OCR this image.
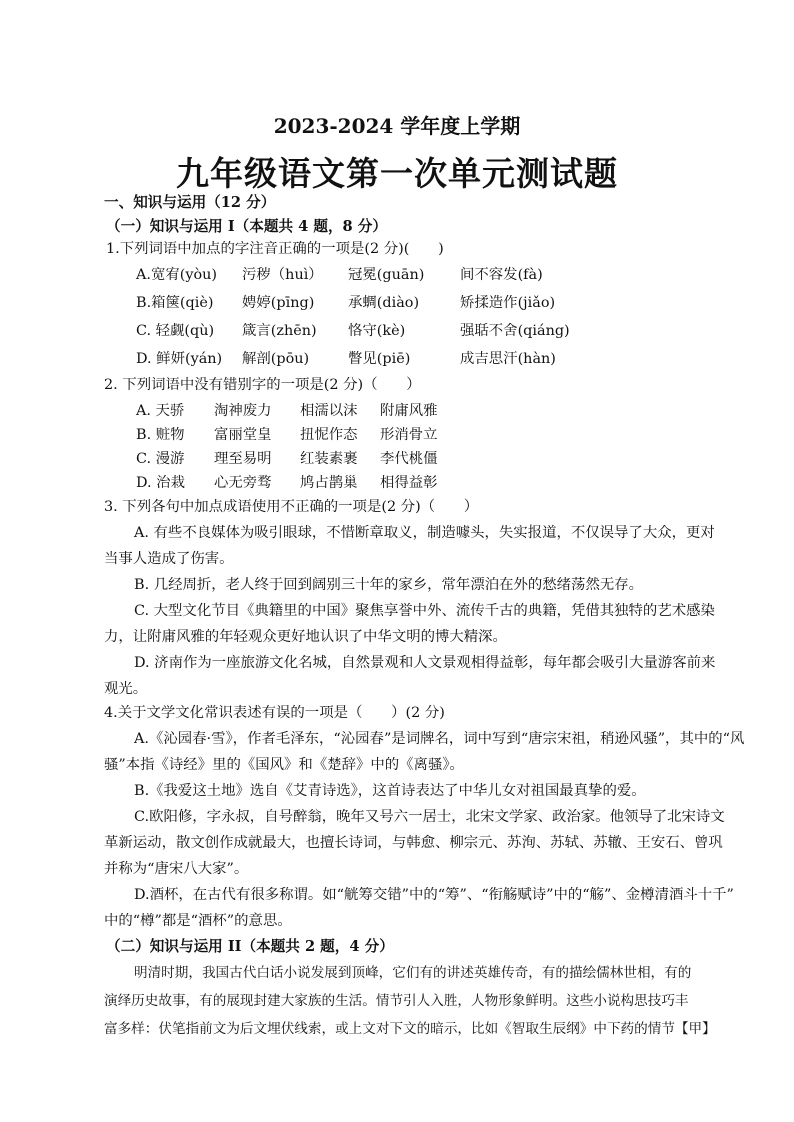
2023-2024 学年度上学期
九年级语文第一次单元测试题
一、知识与运用（12 分）
（一）知识与运用 I（本题共 4 题，8 分）
1.下列词语中加点的字注音正确的一项是(2 分)(　　)
A.宽宥(yòu) 污秽（huì） 冠冕(guān) 间不容发(fà)
B.箱箧(qiè) 娉婷(pīng) 承蜩(diào)	矫揉造作(jiǎo)
C. 轻觑(qù) 箴言(zhēn) 恪守(kè)	强聒不舍(qiáng)
D. 鲜妍(yán) 解剖(pōu)	瞥见(piē)	成吉思汗(hàn)
2. 下列词语中没有错别字的一项是(2 分)（　　）
A. 天骄 淘神废力 相濡以沫 附庸风雅
B. 赃物 富丽堂皇 扭怩作态 形消骨立
C. 漫游 理至易明 红装素裹 李代桃僵
D. 治栽 心无旁骛 鸠占鹊巢 相得益彰
3. 下列各句中加点成语使用不正确的一项是(2 分)（　　）
A. 有些不良媒体为吸引眼球，不惜断章取义，制造噱头，失实报道，不仅误导了大众，更对
当事人造成了伤害。
B. 几经周折，老人终于回到阔别三十年的家乡，常年漂泊在外的愁绪荡然无存。
C. 大型文化节目《典籍里的中国》聚焦享誉中外、流传千古的典籍，凭借其独特的艺术感染
力，让附庸风雅的年轻观众更好地认识了中华文明的博大精深。
D. 济南作为一座旅游文化名城，自然景观和人文景观相得益彰，每年都会吸引大量游客前来
观光。
4.关于文学文化常识表述有误的一项是（　　）(2 分)
A.《沁园春·雪》，作者毛泽东，“沁园春”是词牌名，词中写到“唐宗宋祖，稍逊风骚”，其中的“风
骚”本指《诗经》里的《国风》和《楚辞》中的《离骚》。
B.《我爱这土地》选自《艾青诗选》，这首诗表达了中华儿女对祖国最真挚的爱。
C.欧阳修，字永叔，自号醉翁，晚年又号六一居士，北宋文学家、政治家。他领导了北宋诗文
革新运动，散文创作成就最大，也擅长诗词，与韩愈、柳宗元、苏洵、苏轼、苏辙、王安石、曾巩
并称为“唐宋八大家”。
D.酒杯，在古代有很多称谓。如“觥筹交错”中的“筹”、“衔觞赋诗”中的“觞”、金樽清酒斗十千”
中的“樽”都是“酒杯”的意思。
（二）知识与运用 II（本题共 2 题，4 分）
明清时期，我国古代白话小说发展到顶峰，它们有的讲述英雄传奇，有的描绘儒林世相，有的
演绎历史故事，有的展现封建大家族的生活。情节引人入胜，人物形象鲜明。这些小说构思技巧丰
富多样：伏笔指前文为后文埋伏线索，或上文对下文的暗示，比如《智取生辰纲》中下药的情节【甲】
